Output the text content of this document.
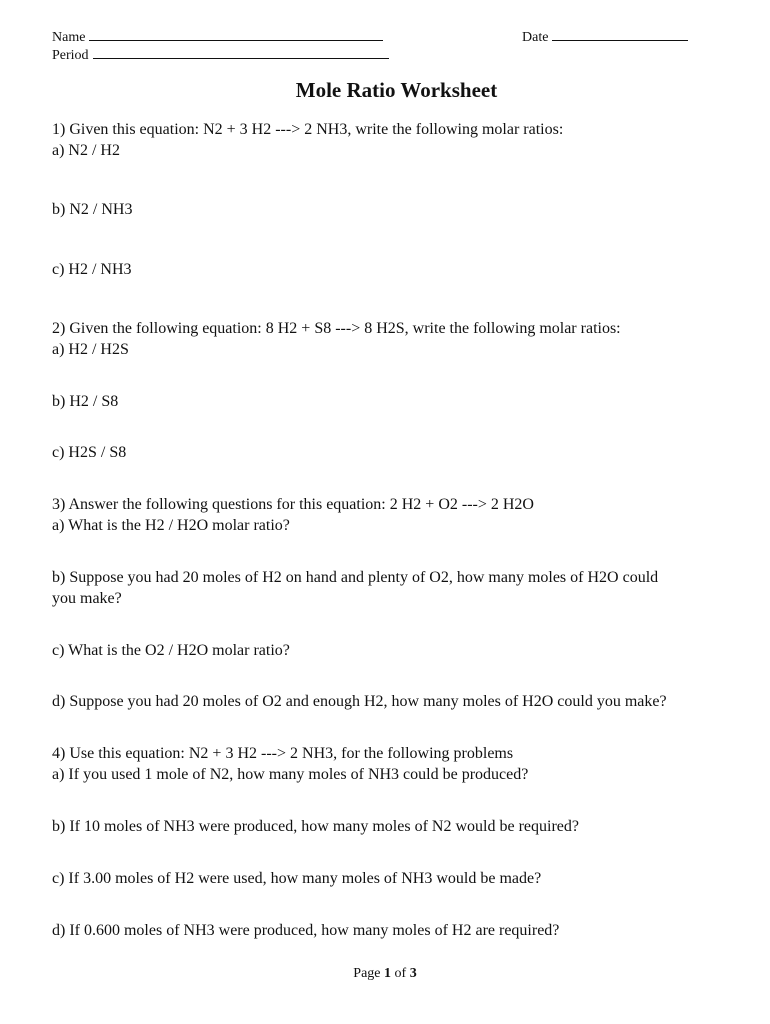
Name	Date
Period
Mole Ratio Worksheet
1) Given this equation: N2 + 3 H2 ---> 2 NH3, write the following molar ratios:
a) N2 / H2
b) N2 / NH3
c) H2 / NH3
2) Given the following equation: 8 H2 + S8 ---> 8 H2S, write the following molar ratios:
a) H2 / H2S
b) H2 / S8
c) H2S / S8
3) Answer the following questions for this equation: 2 H2 + O2 ---> 2 H2O
a) What is the H2 / H2O molar ratio?
b) Suppose you had 20 moles of H2 on hand and plenty of O2, how many moles of H2O could
you make?
c) What is the O2 / H2O molar ratio?
d) Suppose you had 20 moles of O2 and enough H2, how many moles of H2O could you make?
4) Use this equation: N2 + 3 H2 ---> 2 NH3, for the following problems
a) If you used 1 mole of N2, how many moles of NH3 could be produced?
b) If 10 moles of NH3 were produced, how many moles of N2 would be required?
c) If 3.00 moles of H2 were used, how many moles of NH3 would be made?
d) If 0.600 moles of NH3 were produced, how many moles of H2 are required?
Page 1 of 3
